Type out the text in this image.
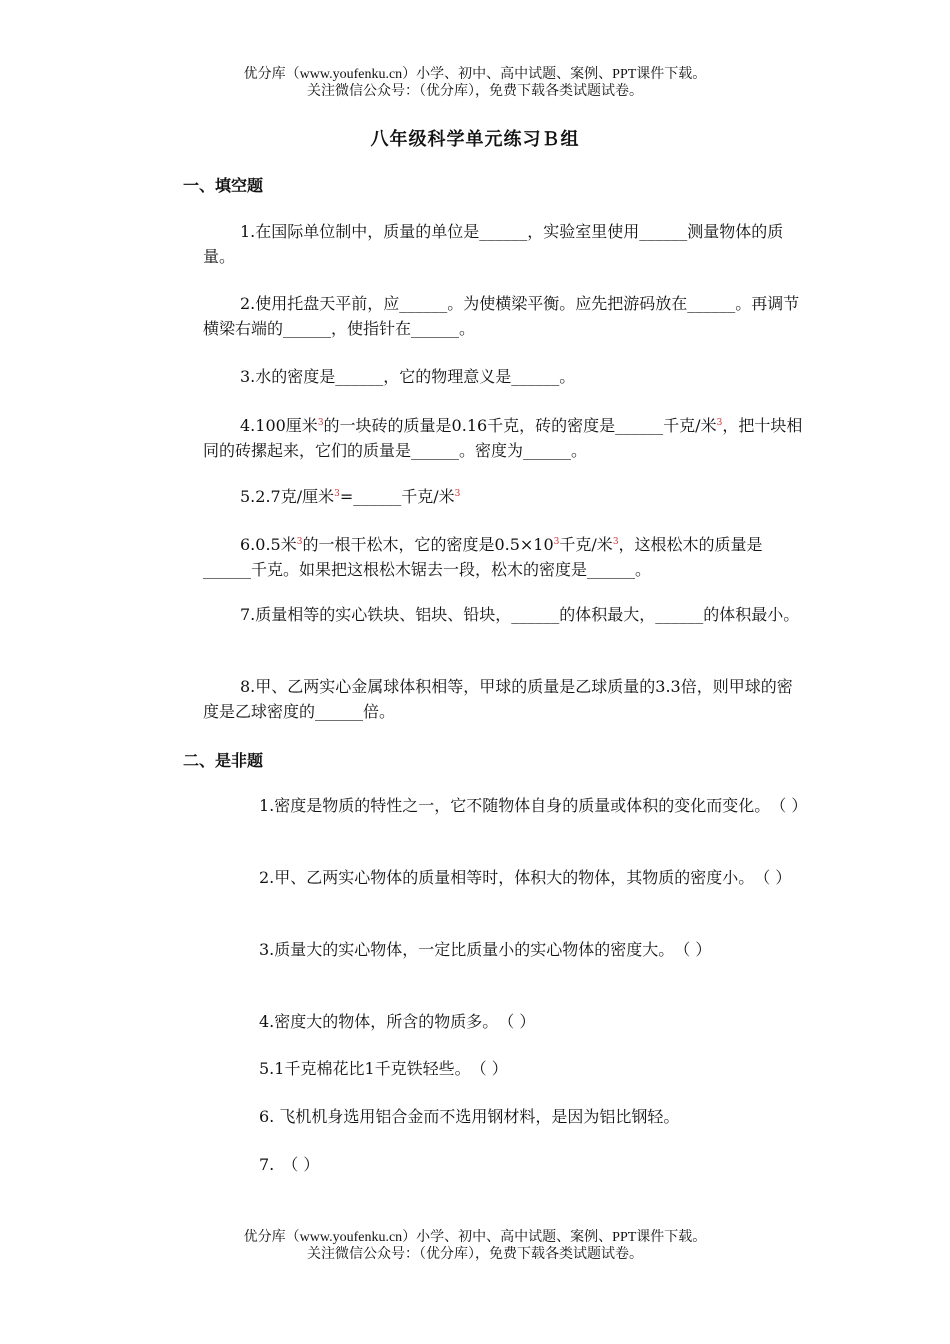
优分库（www.youfenku.cn）小学、初中、高中试题、案例、PPT课件下载。
关注微信公众号：（优分库），免费下载各类试题试卷。
八年级科学单元练习Ｂ组
一、填空题
1.在国际单位制中，质量的单位是______，实验室里使用______测量物体的质量。
2.使用托盘天平前，应______。为使横梁平衡。应先把游码放在______。再调节横梁右端的______，使指针在______。
3.水的密度是______，它的物理意义是______。
4.100厘米$^3$的一块砖的质量是0.16千克，砖的密度是______千克/米$^3$，把十块相同的砖摞起来，它们的质量是______。密度为______。
5.2.7克/厘米$^3$=______千克/米$^3$
6.0.5米$^3$的一根干松木，它的密度是$0.5\times 10^3$千克/米$^3$，这根松木的质量是______千克。如果把这根松木锯去一段，松木的密度是______。
7.质量相等的实心铁块、铝块、铅块，______的体积最大，______的体积最小。
8.甲、乙两实心金属球体积相等，甲球的质量是乙球质量的3.3倍，则甲球的密度是乙球密度的______倍。
二、是非题
1.密度是物质的特性之一，它不随物体自身的质量或体积的变化而变化。　（ ）
2.甲、乙两实心物体的质量相等时，体积大的物体，其物质的密度小。　（ ）
3.质量大的实心物体，一定比质量小的实心物体的密度大。　（ ）
4.密度大的物体，所含的物质多。　（ ）
5.1千克棉花比1千克铁轻些。　（ ）
6. 飞机机身选用铝合金而不选用钢材料，是因为铝比钢轻。
7.　（ ）
优分库（www.youfenku.cn）小学、初中、高中试题、案例、PPT课件下载。
关注微信公众号：（优分库），免费下载各类试题试卷。
